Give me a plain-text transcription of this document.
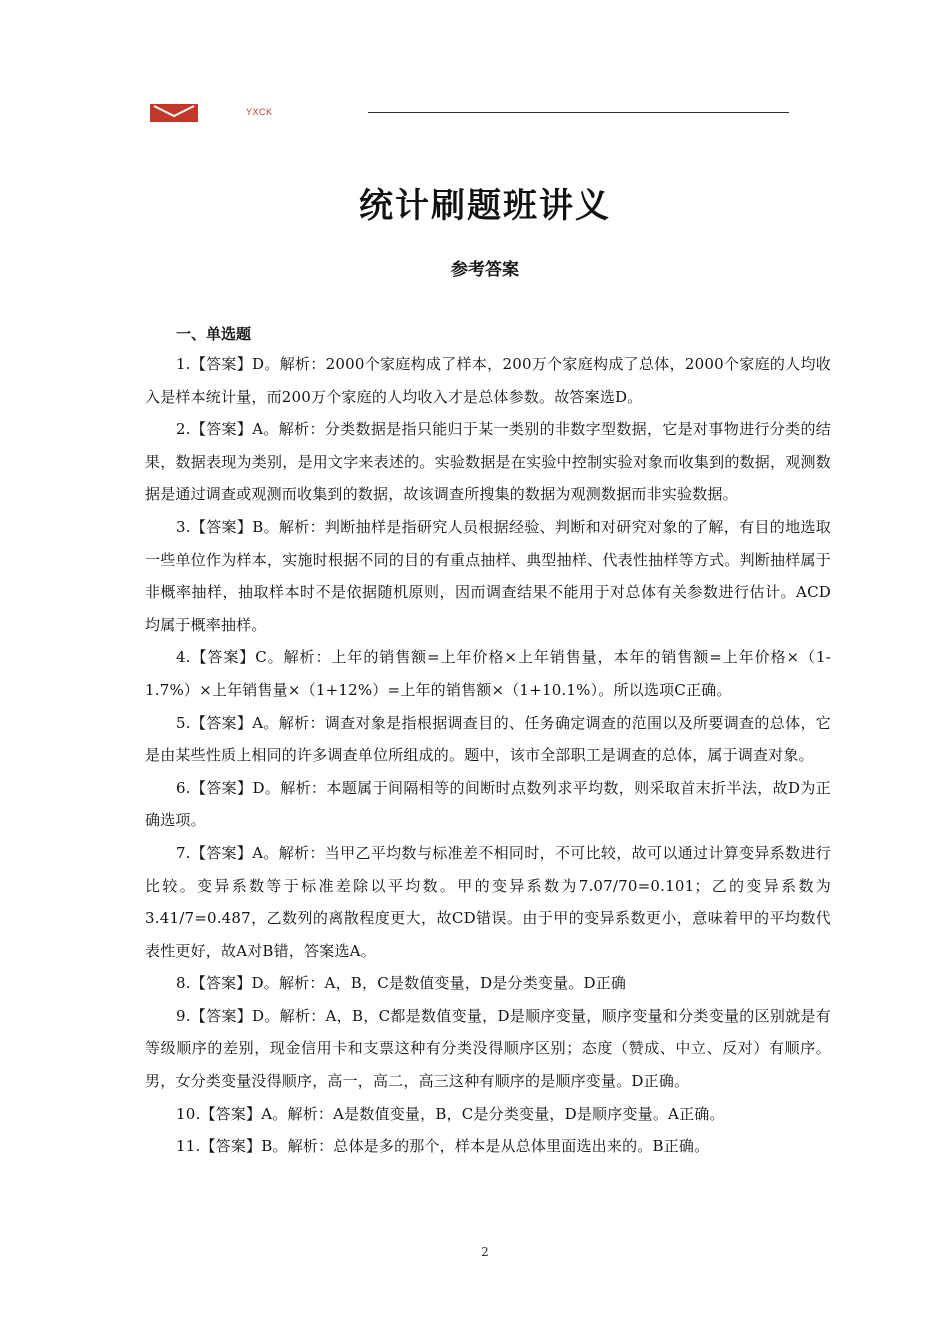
YXCK
统计刷题班讲义
参考答案
一、单选题

1.【答案】D。解析：2000个家庭构成了样本，200万个家庭构成了总体，2000个家庭的人均收入是样本统计量，而200万个家庭的人均收入才是总体参数。故答案选D。

2.【答案】A。解析：分类数据是指只能归于某一类别的非数字型数据，它是对事物进行分类的结果，数据表现为类别，是用文字来表述的。实验数据是在实验中控制实验对象而收集到的数据，观测数据是通过调查或观测而收集到的数据，故该调查所搜集的数据为观测数据而非实验数据。

3.【答案】B。解析：判断抽样是指研究人员根据经验、判断和对研究对象的了解，有目的地选取一些单位作为样本，实施时根据不同的目的有重点抽样、典型抽样、代表性抽样等方式。判断抽样属于非概率抽样，抽取样本时不是依据随机原则，因而调查结果不能用于对总体有关参数进行估计。ACD均属于概率抽样。

4.【答案】C。解析：上年的销售额=上年价格×上年销售量，本年的销售额=上年价格×（1-1.7%）×上年销售量×（1+12%）=上年的销售额×（1+10.1%）。所以选项C正确。

5.【答案】A。解析：调查对象是指根据调查目的、任务确定调查的范围以及所要调查的总体，它是由某些性质上相同的许多调查单位所组成的。题中，该市全部职工是调查的总体，属于调查对象。

6.【答案】D。解析：本题属于间隔相等的间断时点数列求平均数，则采取首末折半法，故D为正确选项。

7.【答案】A。解析：当甲乙平均数与标准差不相同时，不可比较，故可以通过计算变异系数进行比较。变异系数等于标准差除以平均数。甲的变异系数为7.07/70=0.101；乙的变异系数为3.41/7=0.487，乙数列的离散程度更大，故CD错误。由于甲的变异系数更小，意味着甲的平均数代表性更好，故A对B错，答案选A。

8.【答案】D。解析：A，B，C是数值变量，D是分类变量。D正确

9.【答案】D。解析：A，B，C都是数值变量，D是顺序变量，顺序变量和分类变量的区别就是有等级顺序的差别，现金信用卡和支票这种有分类没得顺序区别；态度（赞成、中立、反对）有顺序。男，女分类变量没得顺序，高一，高二，高三这种有顺序的是顺序变量。D正确。

10.【答案】A。解析：A是数值变量，B，C是分类变量，D是顺序变量。A正确。

11.【答案】B。解析：总体是多的那个，样本是从总体里面选出来的。B正确。

2
